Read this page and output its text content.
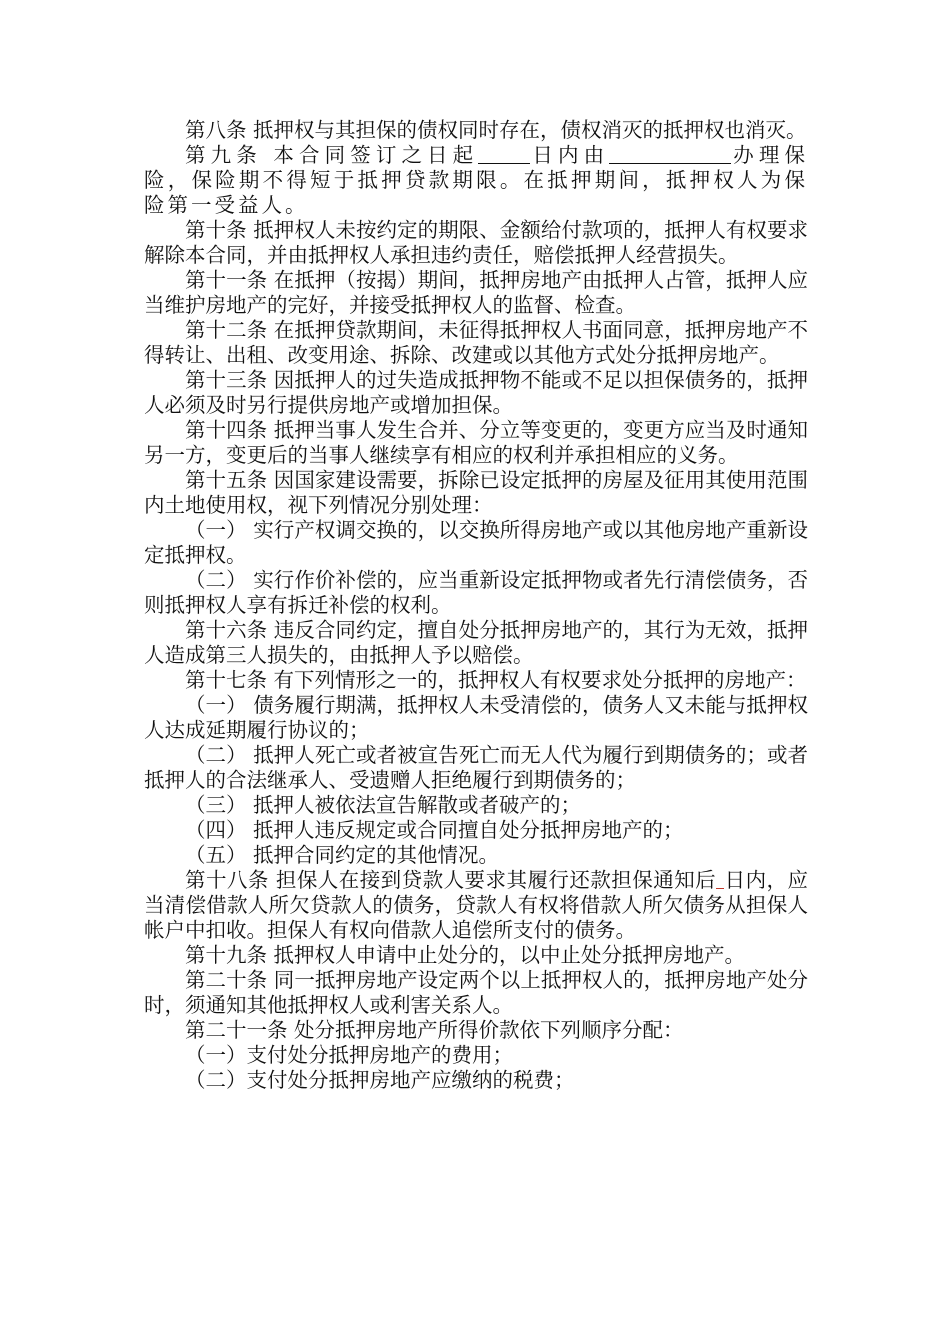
第八条 抵押权与其担保的债权同时存在，债权消灭的抵押权也消灭。

第九条 本合同签订之日起	日内由	办理保险，保险期不得短于抵押贷款期限。在抵押期间，抵押权人为保险第一受益人。

第十条 抵押权人未按约定的期限、金额给付款项的，抵押人有权要求解除本合同，并由抵押权人承担违约责任，赔偿抵押人经营损失。

第十一条 在抵押（按揭）期间，抵押房地产由抵押人占管，抵押人应当维护房地产的完好，并接受抵押权人的监督、检查。

第十二条 在抵押贷款期间，未征得抵押权人书面同意，抵押房地产不得转让、出租、改变用途、拆除、改建或以其他方式处分抵押房地产。

第十三条 因抵押人的过失造成抵押物不能或不足以担保债务的，抵押人必须及时另行提供房地产或增加担保。

第十四条 抵押当事人发生合并、分立等变更的，变更方应当及时通知另一方，变更后的当事人继续享有相应的权利并承担相应的义务。

第十五条 因国家建设需要，拆除已设定抵押的房屋及征用其使用范围内土地使用权，视下列情况分别处理：

（一） 实行产权调交换的，以交换所得房地产或以其他房地产重新设定抵押权。

（二） 实行作价补偿的，应当重新设定抵押物或者先行清偿债务，否则抵押权人享有拆迁补偿的权利。

第十六条 违反合同约定，擅自处分抵押房地产的，其行为无效，抵押人造成第三人损失的，由抵押人予以赔偿。

第十七条 有下列情形之一的，抵押权人有权要求处分抵押的房地产：

（一） 债务履行期满，抵押权人未受清偿的，债务人又未能与抵押权人达成延期履行协议的；

（二） 抵押人死亡或者被宣告死亡而无人代为履行到期债务的；或者抵押人的合法继承人、受遗赠人拒绝履行到期债务的；

（三） 抵押人被依法宣告解散或者破产的；

（四） 抵押人违反规定或合同擅自处分抵押房地产的；

（五） 抵押合同约定的其他情况。

第十八条 担保人在接到贷款人要求其履行还款担保通知后 日内，应当清偿借款人所欠贷款人的债务，贷款人有权将借款人所欠债务从担保人帐户中扣收。担保人有权向借款人追偿所支付的债务。

第十九条 抵押权人申请中止处分的，以中止处分抵押房地产。

第二十条 同一抵押房地产设定两个以上抵押权人的，抵押房地产处分时，须通知其他抵押权人或利害关系人。

第二十一条 处分抵押房地产所得价款依下列顺序分配：

（一）支付处分抵押房地产的费用；

（二）支付处分抵押房地产应缴纳的税费；
